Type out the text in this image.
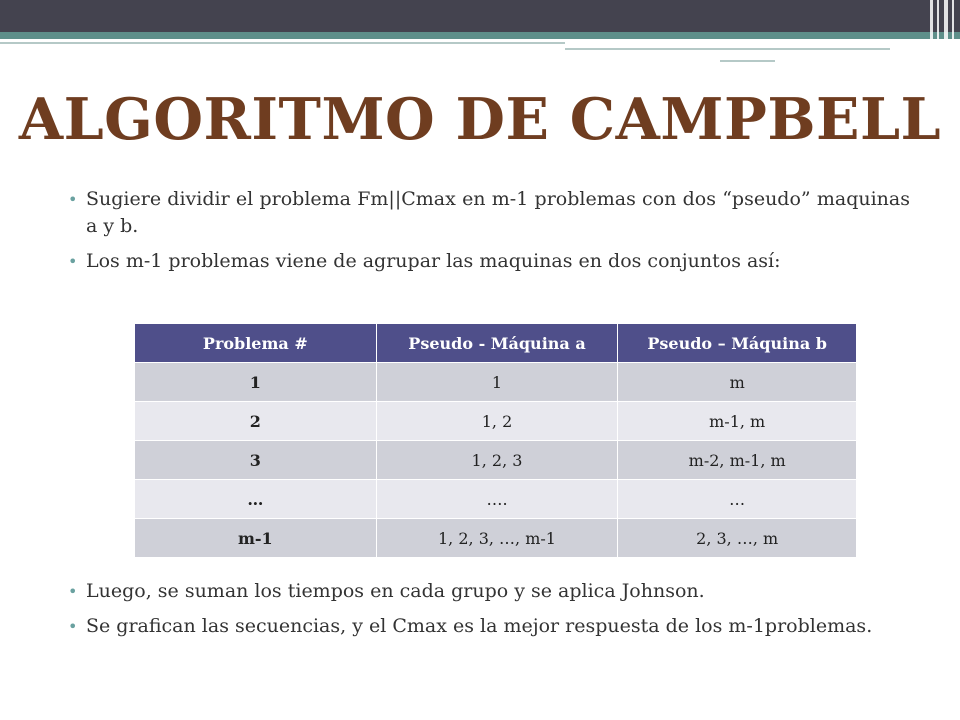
ALGORITMO DE CAMPBELL
• Sugiere dividir el problema Fm||Cmax en m-1 problemas con dos “pseudo” maquinas a y b.
• Los m-1 problemas viene de agrupar las maquinas en dos conjuntos así:
Problema #	Pseudo - Máquina a	Pseudo – Máquina b
1	1	m
2	1, 2	m-1, m
3	1, 2, 3	m-2, m-1, m
…	….	…
m-1	1, 2, 3, …, m-1	2, 3, …, m
• Luego, se suman los tiempos en cada grupo y se aplica Johnson.
• Se grafican las secuencias, y el Cmax es la mejor respuesta de los m-1problemas.
